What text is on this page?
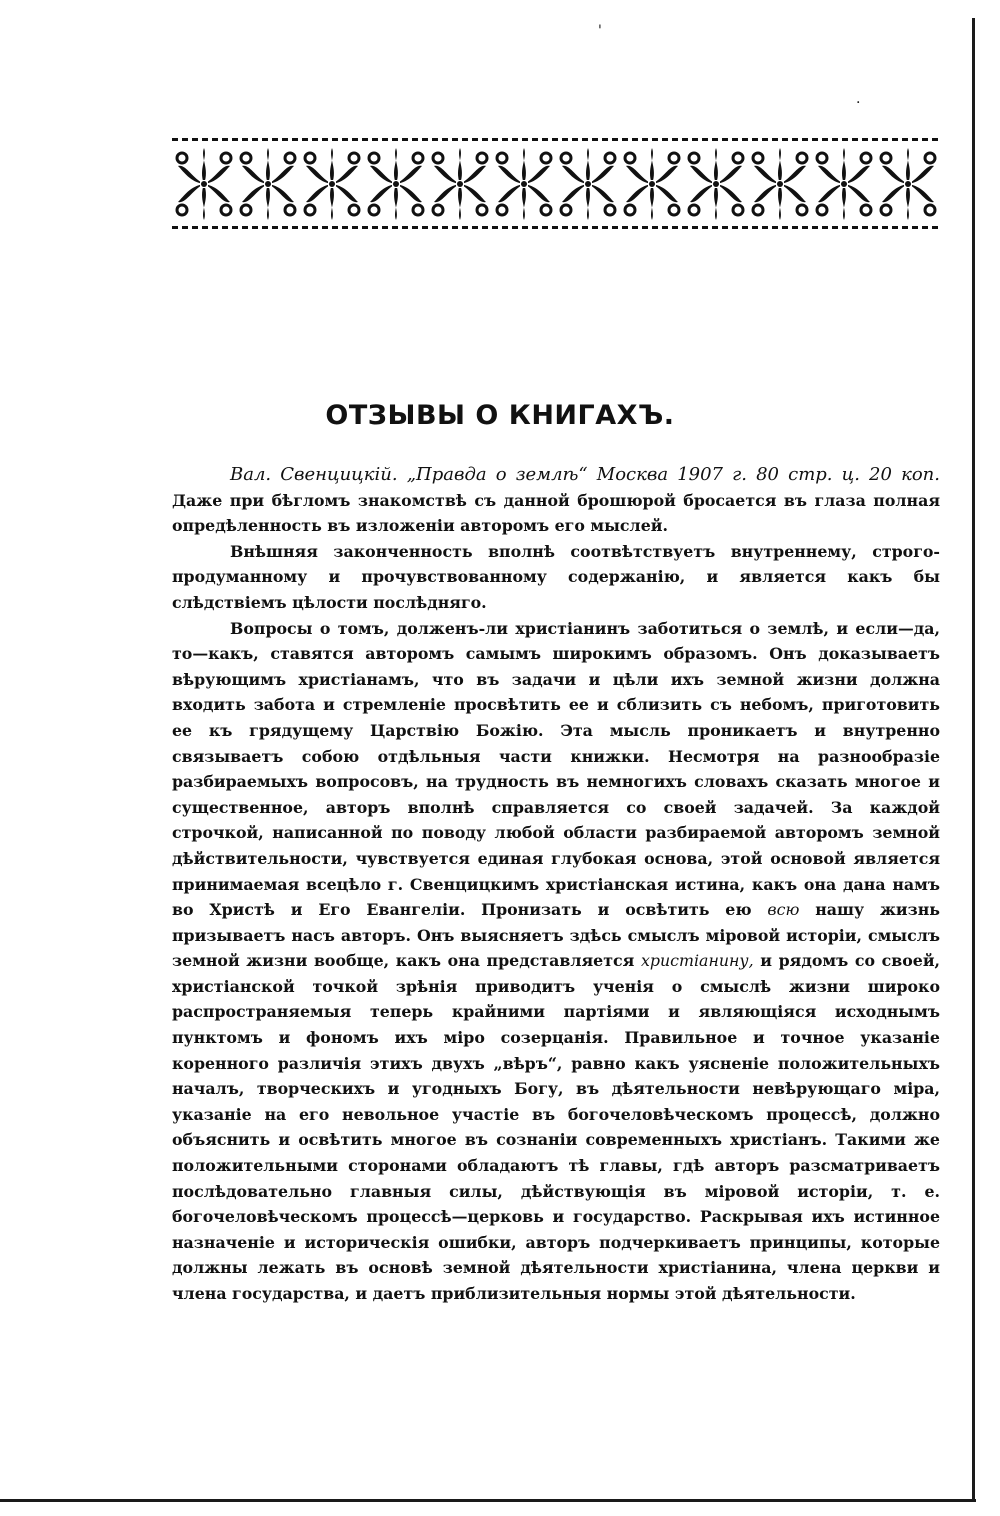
'
.
ОТЗЫВЫ О КНИГАХЪ.

Вал. Свенцицкій. „Правда о землѣ“ Москва 1907 г. 80 стр. ц. 20 коп. Даже при бѣгломъ знакомствѣ съ данной брошюрой бросается въ глаза полная опредѣленность въ изложеніи авторомъ его мыслей.

Внѣшняя законченность вполнѣ соотвѣтствуетъ внутреннему, строго-продуманному и прочувствованному содержанію, и является какъ бы слѣдствіемъ цѣлости послѣдняго.

Вопросы о томъ, долженъ-ли христіанинъ заботиться о землѣ, и если—да, то—какъ, ставятся авторомъ самымъ широкимъ образомъ. Онъ доказываетъ вѣрующимъ христіанамъ, что въ задачи и цѣли ихъ земной жизни должна входить забота и стремленіе просвѣтить ее и сблизить съ небомъ, приготовить ее къ грядущему Царствію Божію. Эта мысль проникаетъ и внутренно связываетъ собою отдѣльныя части книжки. Несмотря на разнообразіе разбираемыхъ вопросовъ, на трудность въ немногихъ словахъ сказать многое и существенное, авторъ вполнѣ справляется со своей задачей. За каждой строчкой, написанной по поводу любой области разбираемой авторомъ земной дѣйствительности, чувствуется единая глубокая основа, этой основой является принимаемая всецѣло г. Свенцицкимъ христіанская истина, какъ она дана намъ во Христѣ и Его Евангеліи. Пронизать и освѣтить ею всю нашу жизнь призываетъ насъ авторъ. Онъ выясняетъ здѣсь смыслъ міровой исторіи, смыслъ земной жизни вообще, какъ она представляется христіанину, и рядомъ со своей, христіанской точкой зрѣнія приводитъ ученія о смыслѣ жизни широко распространяемыя теперь крайними партіями и являющіяся исходнымъ пунктомъ и фономъ ихъ міро созерцанія. Правильное и точное указаніе коренного различія этихъ двухъ „вѣръ“, равно какъ уясненіе положительныхъ началъ, творческихъ и угодныхъ Богу, въ дѣятельности невѣрующаго міра, указаніе на его невольное участіе въ богочеловѣческомъ процессѣ, должно объяснить и освѣтить многое въ сознаніи современныхъ христіанъ. Такими же положительными сторонами обладаютъ тѣ главы, гдѣ авторъ разсматриваетъ послѣдовательно главныя силы, дѣйствующія въ міровой исторіи, т. е. богочеловѣческомъ процессѣ—церковь и государство. Раскрывая ихъ истинное назначеніе и историческія ошибки, авторъ подчеркиваетъ принципы, которые должны лежать въ основѣ земной дѣятельности христіанина, члена церкви и члена государства, и даетъ приблизительныя нормы этой дѣятельности.
